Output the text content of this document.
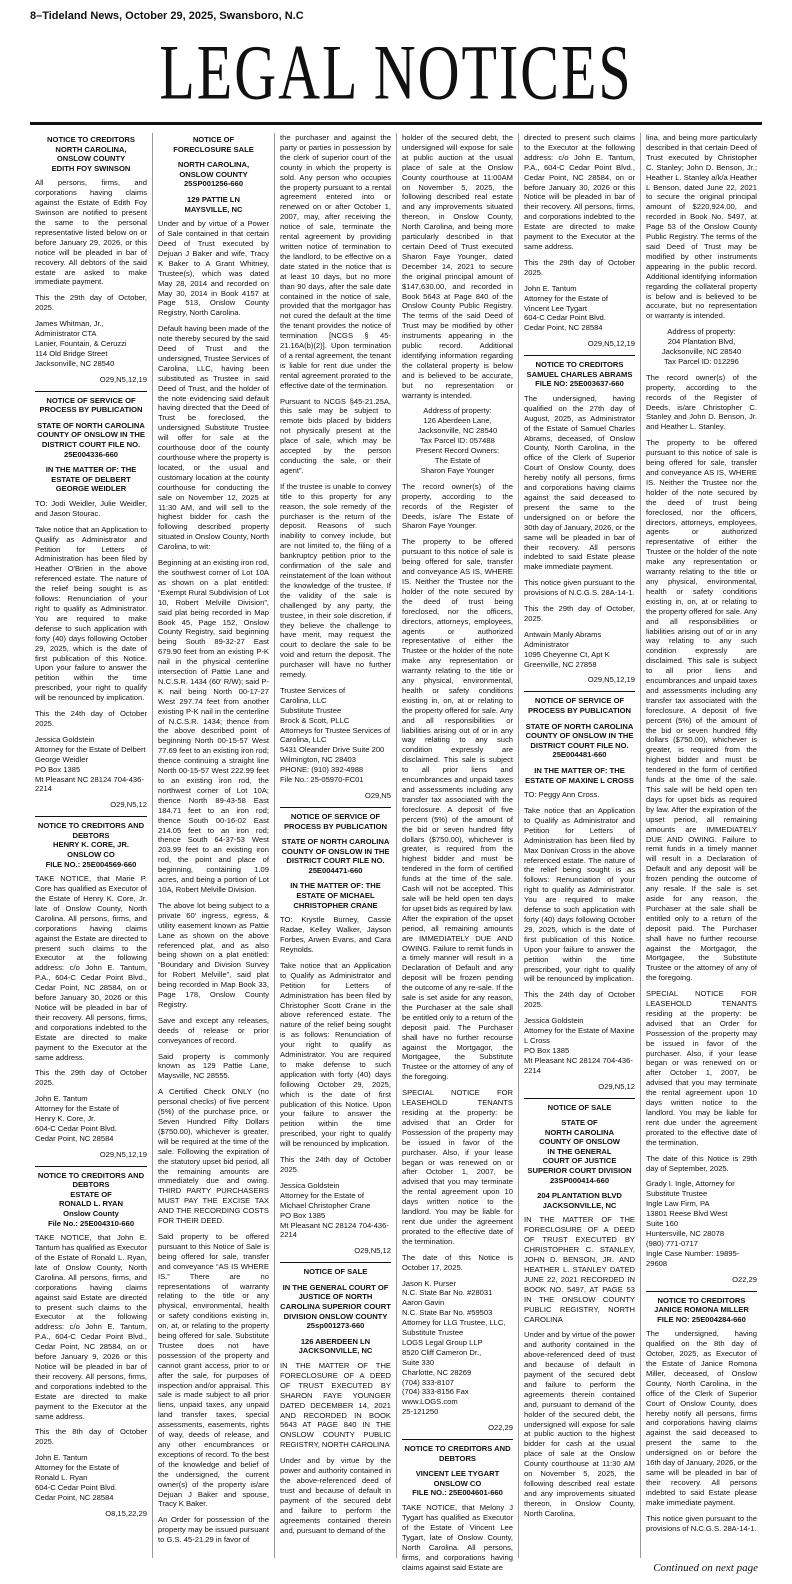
8–Tideland News, October 29, 2025, Swansboro, N.C
LEGAL NOTICES
NOTICE TO CREDITORS
NORTH CAROLINA,
ONSLOW COUNTY
EDITH FOY SWINSON
All persons, firms, and corporations having claims against the Estate of Edith Foy Swinson are notified to present the same to the personal representative listed below on or before January 29, 2026, or this notice will be pleaded in bar of recovery. All debtors of the said estate are asked to make immediate payment.
This the 29th day of October, 2025.
James Whitman, Jr., Administrator CTA
Lanier, Fountain, & Ceruzzi
114 Old Bridge Street
Jacksonville, NC 28540
O29,N5,12,19
NOTICE OF SERVICE OF PROCESS BY PUBLICATION
STATE OF NORTH CAROLINA COUNTY OF ONSLOW IN THE DISTRICT COURT FILE NO. 25E004336-660
IN THE MATTER OF: THE ESTATE OF DELBERT GEORGE WEIDLER
TO: Jodi Weidler, Julie Weidler, and Jason Stourac.
Take notice that an Application to Qualify as Administrator and Petition for Letters of Administration has been filed by Heather O'Brien in the above referenced estate. The nature of the relief being sought is as follows: Renunciation of your right to qualify as Administrator. You are required to make defense to such application with forty (40) days following October 29, 2025, which is the date of first publication of this Notice. Upon your failure to answer the petition within the time prescribed, your right to qualify will be renounced by implication.
This the 24th day of October 2025.
Jessica Goldstein
Attorney for the Estate of Delbert George Weidler
PO Box 1385
Mt Pleasant NC 28124 704-436-2214
O29,N5,12
NOTICE TO CREDITORS AND DEBTORS
HENRY K. CORE, JR.
ONSLOW CO
FILE NO.: 25E004569-660
TAKE NOTICE, that Marie P. Core has qualified as Executor of the Estate of Henry K. Core, Jr. late of Onslow County, North Carolina. All persons, firms, and corporations having claims against the Estate are directed to present such claims to the Executor at the following address: c/o John E. Tantum, P.A., 604-C Cedar Point Blvd., Cedar Point, NC 28584, on or before January 30, 2026 or this Notice will be pleaded in bar of their recovery. All persons, firms, and corporations indebted to the Estate are directed to make payment to the Executor at the same address.
This the 29th day of October 2025.
John E. Tantum
Attorney for the Estate of
Henry K. Core, Jr.
604-C Cedar Point Blvd.
Cedar Point, NC 28584
O29,N5,12,19
NOTICE TO CREDITORS AND DEBTORS
ESTATE OF
RONALD L. RYAN
Onslow County
File No.: 25E004310-660
TAKE NOTICE, that John E. Tantum has qualified as Executor of the Estate of Ronald L. Ryan, late of Onslow County, North Carolina. All persons, firms, and corporations having claims against said Estate are directed to present such claims to the Executor at the following address: c/o John E. Tantum, P.A., 604-C Cedar Point Blvd., Cedar Point, NC 28584, on or before January 9, 2026 or this Notice will be pleaded in bar of their recovery. All persons, firms, and corporations indebted to the Estate are directed to make payment to the Executor at the same address.
This the 8th day of October 2025.
John E. Tantum
Attorney for the Estate of
Ronald L. Ryan
604-C Cedar Point Blvd.
Cedar Point, NC 28584
O8,15,22,29
NOTICE OF
FORECLOSURE SALE
NORTH CAROLINA,
ONSLOW COUNTY
25SP001256-660
129 PATTIE LN
MAYSVILLE, NC
Under and by virtue of a Power of Sale contained in that certain Deed of Trust executed by Dejuan J Baker and wife, Tracy K Baker to A Grant Whitney, Trustee(s), which was dated May 28, 2014 and recorded on May 30, 2014 in Book 4157 at Page 513, Onslow County Registry, North Carolina.
Default having been made of the note thereby secured by the said Deed of Trust and the undersigned, Trustee Services of Carolina, LLC, having been substituted as Trustee in said Deed of Trust, and the holder of the note evidencing said default having directed that the Deed of Trust be foreclosed, the undersigned Substitute Trustee will offer for sale at the courthouse door of the county courthouse where the property is located, or the usual and customary location at the county courthouse for conducting the sale on November 12, 2025 at 11:30 AM, and will sell to the highest bidder for cash the following described property situated in Onslow County, North Carolina, to wit:
Beginning at an existing iron rod, the southwest corner of Lot 10A as shown on a plat entitled: “Exempt Rural Subdivision of Lot 10, Robert Melville Division”, said plat being recorded in Map Book 45, Page 152, Onslow County Registry, said beginning being South 89-32-27 East 679.90 feet from an existing P-K nail in the physical centerline intersection of Pattie Lane and N.C.S.R. 1434 (60' R/W); said P-K nail being North 00-17-27 West 297.74 feet from another existing P-K nail in the centerline of N.C.S.R. 1434; thence from the above described point of beginning North 00-15-57 West 77.69 feet to an existing iron rod; thence continuing a straight line North 00-15-57 West 222.99 feet to an existing iron rod, the northwest corner of Lot 10A; thence North 89-43-58 East 184.71 feet to an iron rod; thence South 00-16-02 East 214.05 feet to an iron rod; thence South 64-37-53 West 203.99 feet to an existing iron rod, the point and place of beginning, containing 1.09 acres, and being a portion of Lot 10A, Robert Melville Division.
The above lot being subject to a private 60' ingress, egress, & utility easement known as Pattie Lane as shown on the above referenced plat, and as also being shown on a plat entitled: “Boundary and Division Survey for Robert Melville”, said plat being recorded in Map Book 33, Page 178, Onslow County Registry.
Save and except any releases, deeds of release or prior conveyances of record.
Said property is commonly known as 129 Pattie Lane, Maysville, NC 28555.
A Certified Check ONLY (no personal checks) of five percent (5%) of the purchase price, or Seven Hundred Fifty Dollars ($750.00), whichever is greater, will be required at the time of the sale. Following the expiration of the statutory upset bid period, all the remaining amounts are immediately due and owing. THIRD PARTY PURCHASERS MUST PAY THE EXCISE TAX AND THE RECORDING COSTS FOR THEIR DEED.
Said property to be offered pursuant to this Notice of Sale is being offered for sale, transfer and conveyance “AS IS WHERE IS.” There are no representations of warranty relating to the title or any physical, environmental, health or safety conditions existing in, on, at, or relating to the property being offered for sale. Substitute Trustee does not have possession of the property and cannot grant access, prior to or after the sale, for purposes of inspection and/or appraisal. This sale is made subject to all prior liens, unpaid taxes, any unpaid land transfer taxes, special assessments, easements, rights of way, deeds of release, and any other encumbrances or exceptions of record. To the best of the knowledge and belief of the undersigned, the current owner(s) of the property is/are Dejuan J Baker and spouse, Tracy K Baker.
An Order for possession of the property may be issued pursuant to G.S. 45-21.29 in favor of
the purchaser and against the party or parties in possession by the clerk of superior court of the county in which the property is sold. Any person who occupies the property pursuant to a rental agreement entered into or renewed on or after October 1, 2007, may, after receiving the notice of sale, terminate the rental agreement by providing written notice of termination to the landlord, to be effective on a date stated in the notice that is at least 10 days, but no more than 90 days, after the sale date contained in the notice of sale, provided that the mortgagor has not cured the default at the time the tenant provides the notice of termination [NCGS § 45-21.16A(b)(2)]. Upon termination of a rental agreement, the tenant is liable for rent due under the rental agreement prorated to the effective date of the termination.
Pursuant to NCGS §45-21.25A, this sale may be subject to remote bids placed by bidders not physically present at the place of sale, which may be accepted by the person conducting the sale, or their agent”.
If the trustee is unable to convey title to this property for any reason, the sole remedy of the purchaser is the return of the deposit. Reasons of such inability to convey include, but are not limited to, the filing of a bankruptcy petition prior to the confirmation of the sale and reinstatement of the loan without the knowledge of the trustee. If the validity of the sale is challenged by any party, the trustee, in their sole discretion, if they believe the challenge to have merit, may request the court to declare the sale to be void and return the deposit. The purchaser will have no further remedy.
Trustee Services of
Carolina, LLC
Substitute Trustee
Brock & Scott, PLLC
Attorneys for Trustee Services of Carolina, LLC
5431 Oleander Drive Suite 200
Wilmington, NC 28403
PHONE: (910) 392-4988
File No.: 25-05970-FC01
O29,N5
NOTICE OF SERVICE OF PROCESS BY PUBLICATION
STATE OF NORTH CAROLINA COUNTY OF ONSLOW IN THE DISTRICT COURT FILE NO. 25E004471-660
IN THE MATTER OF: THE ESTATE OF MICHAEL CHRISTOPHER CRANE
TO: Krystle Burney, Cassie Radae, Kelley Walker, Jayson Forbes, Arwen Evans, and Cara Reynolds.
Take notice that an Application to Qualify as Administrator and Petition for Letters of Administration has been filed by Christopher Scott Crane in the above referenced estate. The nature of the relief being sought is as follows: Renunciation of your right to qualify as Administrator. You are required to make defense to such application with forty (40) days following October 29, 2025, which is the date of first publication of this Notice. Upon your failure to answer the petition within the time prescribed, your right to qualify will be renounced by implication.
This the 24th day of October 2025.
Jessica Goldstein
Attorney for the Estate of Michael Christopher Crane
PO Box 1385
Mt Pleasant NC 28124 704-436-2214
O29,N5,12
NOTICE OF SALE
IN THE GENERAL COURT OF JUSTICE OF NORTH CAROLINA SUPERIOR COURT DIVISION ONSLOW COUNTY
25sp001273-660
126 ABERDEEN LN
JACKSONVILLE, NC
IN THE MATTER OF THE FORECLOSURE OF A DEED OF TRUST EXECUTED BY SHARON FAYE YOUNGER DATED DECEMBER 14, 2021 AND RECORDED IN BOOK 5643 AT PAGE 840 IN THE ONSLOW COUNTY PUBLIC REGISTRY, NORTH CAROLINA
Under and by virtue by the power and authority contained in the above-referenced deed of trust and because of default in payment of the secured debt and failure to perform the agreements contained therein and, pursuant to demand of the
holder of the secured debt, the undersigned will expose for sale at public auction at the usual place of sale at the Onslow County courthouse at 11:00AM on November 5, 2025, the following described real estate and any improvements situated thereon, in Onslow County, North Carolina, and being more particularly described in that certain Deed of Trust executed Sharon Faye Younger, dated December 14, 2021 to secure the original principal amount of $147,630.00, and recorded in Book 5643 at Page 840 of the Onslow County Public Registry. The terms of the said Deed of Trust may be modified by other instruments appearing in the public record. Additional identifying information regarding the collateral property is below and is believed to be accurate, but no representation or warranty is intended.
Address of property:
126 Aberdeen Lane, Jacksonville, NC 28540
Tax Parcel ID: 057488
Present Record Owners:
The Estate of
Sharon Faye Younger
The record owner(s) of the property, according to the records of the Register of Deeds, is/are The Estate of Sharon Faye Younger.
The property to be offered pursuant to this notice of sale is being offered for sale, transfer and conveyance AS IS, WHERE IS. Neither the Trustee nor the holder of the note secured by the deed of trust being foreclosed, nor the officers, directors, attorneys, employees, agents or authorized representative of either the Trustee or the holder of the note make any representation or warranty relating to the title or any physical, environmental, health or safety conditions existing in, on, at or relating to the property offered for sale. Any and all responsibilities or liabilities arising out of or in any way relating to any such condition expressly are disclaimed. This sale is subject to all prior liens and encumbrances and unpaid taxes and assessments including any transfer tax associated with the foreclosure. A deposit of five percent (5%) of the amount of the bid or seven hundred fifty dollars ($750.00), whichever is greater, is required from the highest bidder and must be tendered in the form of certified funds at the time of the sale. Cash will not be accepted. This sale will be held open ten days for upset bids as required by law. After the expiration of the upset period, all remaining amounts are IMMEDIATELY DUE AND OWING. Failure to remit funds in a timely manner will result in a Declaration of Default and any deposit will be frozen pending the outcome of any re-sale. If the sale is set aside for any reason, the Purchaser at the sale shall be entitled only to a return of the deposit paid. The Purchaser shall have no further recourse against the Mortgagor, the Mortgagee, the Substitute Trustee or the attorney of any of the foregoing.
SPECIAL NOTICE FOR LEASEHOLD TENANTS residing at the property: be advised that an Order for Possession of the property may be issued in favor of the purchaser. Also, if your lease began or was renewed on or after October 1, 2007, be advised that you may terminate the rental agreement upon 10 days written notice to the landlord. You may be liable for rent due under the agreement prorated to the effective date of the termination.
The date of this Notice is October 17, 2025.
Jason K. Purser
N.C. State Bar No. #28031
Aaron Gavin
N.C. State Bar No. #59503
Attorney for LLG Trustee, LLC,
Substitute Trustee
LOGS Legal Group LLP
8520 Cliff Cameron Dr.,
Suite 330
Charlotte, NC 28269
(704) 333-8107
(704) 333-8156 Fax
www.LOGS.com
25-121250
O22,29
NOTICE TO CREDITORS AND DEBTORS
VINCENT LEE TYGART
ONSLOW CO
FILE NO.: 25E004601-660
TAKE NOTICE, that Melony J Tygart has qualified as Executor of the Estate of Vincent Lee Tygart, late of Onslow County, North Carolina. All persons, firms, and corporations having claims against said Estate are
directed to present such claims to the Executor at the following address: c/o John E. Tantum, P.A., 604-C Cedar Point Blvd., Cedar Point, NC 28584, on or before January 30, 2026 or this Notice will be pleaded in bar of their recovery. All persons, firms, and corporations indebted to the Estate are directed to make payment to the Executor at the same address.
This the 29th day of October 2025.
John E. Tantum
Attorney for the Estate of
Vincent Lee Tygart
604-C Cedar Point Blvd.
Cedar Point, NC 28584
O29,N5,12,19
NOTICE TO CREDITORS
SAMUEL CHARLES ABRAMS
FILE NO: 25E003637-660
The undersigned, having qualified on the 27th day of August, 2025, as Administrator of the Estate of Samuel Charles Abrams, deceased, of Onslow County, North Carolina, in the office of the Clerk of Superior Court of Onslow County, does hereby notify all persons, firms and corporations having claims against the said deceased to present the same to the undersigned on or before the 30th day of January, 2026, or the same will be pleaded in bar of their recovery. All persons indebted to said Estate please make immediate payment.
This notice given pursuant to the provisions of N.C.G.S. 28A-14-1.
This the 29th day of October, 2025.
Antwain Manly Abrams
Administrator
1095 Cheyenne Ct, Apt K
Greenville, NC 27858
O29,N5,12,19
NOTICE OF SERVICE OF PROCESS BY PUBLICATION
STATE OF NORTH CAROLINA COUNTY OF ONSLOW IN THE DISTRICT COURT FILE NO. 25E004481-660
IN THE MATTER OF: THE ESTATE OF MAXINE L CROSS
TO: Peggy Ann Cross.
Take notice that an Application to Qualify as Administrator and Petition for Letters of Administration has been filed by Max Donivan Cross in the above referenced estate. The nature of the relief being sought is as follows: Renunciation of your right to qualify as Administrator. You are required to make defense to such application with forty (40) days following October 29, 2025, which is the date of first publication of this Notice. Upon your failure to answer the petition within the time prescribed, your right to qualify will be renounced by implication.
This the 24th day of October 2025.
Jessica Goldstein
Attorney for the Estate of Maxine L Cross
PO Box 1385
Mt Pleasant NC 28124 704-436-2214
O29,N5,12
NOTICE OF SALE
STATE OF
NORTH CAROLINA
COUNTY OF ONSLOW
IN THE GENERAL
COURT OF JUSTICE
SUPERIOR COURT DIVISION
23SP000414-660
204 PLANTATION BLVD
JACKSONVILLE, NC
IN THE MATTER OF THE FORECLOSURE OF A DEED OF TRUST EXECUTED BY CHRISTOPHER C. STANLEY, JOHN D. BENSON, JR. AND HEATHER L. STANLEY DATED JUNE 22, 2021 RECORDED IN BOOK NO. 5497, AT PAGE 53 IN THE ONSLOW COUNTY PUBLIC REGISTRY, NORTH CAROLINA
Under and by virtue of the power and authority contained in the above-referenced deed of trust and because of default in payment of the secured debt and failure to perform the agreements therein contained and, pursuant to demand of the holder of the secured debt, the undersigned will expose for sale at public auction to the highest bidder for cash at the usual place of sale at the Onslow County courthouse at 11:30 AM on November 5, 2025, the following described real estate and any improvements situated thereon, in Onslow County, North Carolina,
lina, and being more particularly described in that certain Deed of Trust executed by Christopher C. Stanley; John D. Benson, Jr.; Heather L. Stanley a/k/a Heather L Benson, dated June 22, 2021 to secure the original principal amount of $220,924.00, and recorded in Book No. 5497, at Page 53 of the Onslow County Public Registry. The terms of the said Deed of Trust may be modified by other instruments appearing in the public record. Additional identifying information regarding the collateral property is below and is believed to be accurate, but no representation or warranty is intended.
Address of property:
204 Plantation Blvd, Jacksonville, NC 28540
Tax Parcel ID: 012296
The record owner(s) of the property, according to the records of the Register of Deeds, is/are Christopher C. Stanley and John D. Benson, Jr. and Heather L. Stanley.
The property to be offered pursuant to this notice of sale is being offered for sale, transfer and conveyance AS IS, WHERE IS. Neither the Trustee nor the holder of the note secured by the deed of trust being foreclosed, nor the officers, directors, attorneys, employees, agents or authorized representative of either the Trustee or the holder of the note make any representation or warranty relating to the title or any physical, environmental, health or safety conditions existing in, on, at or relating to the property offered for sale. Any and all responsibilities or liabilities arising out of or in any way relating to any such condition expressly are disclaimed. This sale is subject to all prior liens and encumbrances and unpaid taxes and assessments including any transfer tax associated with the foreclosure. A deposit of five percent (5%) of the amount of the bid or seven hundred fifty dollars ($750.00), whichever is greater, is required from the highest bidder and must be tendered in the form of certified funds at the time of the sale. This sale will be held open ten days for upset bids as required by law. After the expiration of the upset period, all remaining amounts are IMMEDIATELY DUE AND OWING. Failure to remit funds in a timely manner will result in a Declaration of Default and any deposit will be frozen pending the outcome of any resale. If the sale is set aside for any reason, the Purchaser at the sale shall be entitled only to a return of the deposit paid. The Purchaser shall have no further recourse against the Mortgagor, the Mortgagee, the Substitute Trustee or the attorney of any of the foregoing.
SPECIAL NOTICE FOR LEASEHOLD TENANTS residing at the property: be advised that an Order for Possession of the property may be issued in favor of the purchaser. Also, if your lease began or was renewed on or after October 1, 2007, be advised that you may terminate the rental agreement upon 10 days written notice to the landlord. You may be liable for rent due under the agreement prorated to the effective date of the termination.
The date of this Notice is 29th day of September, 2025.
Grady I. Ingle, Attorney for Substitute Trustee
Ingle Law Firm, PA
13801 Reese Blvd West
Suite 160
Huntersville, NC 28078
(980) 771-0717
Ingle Case Number: 19895-29608
O22,29
NOTICE TO CREDITORS
JANICE ROMONA MILLER
FILE NO: 25E004284-660
The undersigned, having qualified on the 8th day of October, 2025, as Executor of the Estate of Janice Romona Miller, deceased, of Onslow County, North Carolina, in the office of the Clerk of Superior Court of Onslow County, does hereby notify all persons, firms and corporations having claims against the said deceased to present the same to the undersigned on or before the 16th day of January, 2026, or the same will be pleaded in bar of their recovery. All persons indebted to said Estate please make immediate payment.
This notice given pursuant to the provisions of N.C.G.S. 28A-14-1.
Continued on next page
